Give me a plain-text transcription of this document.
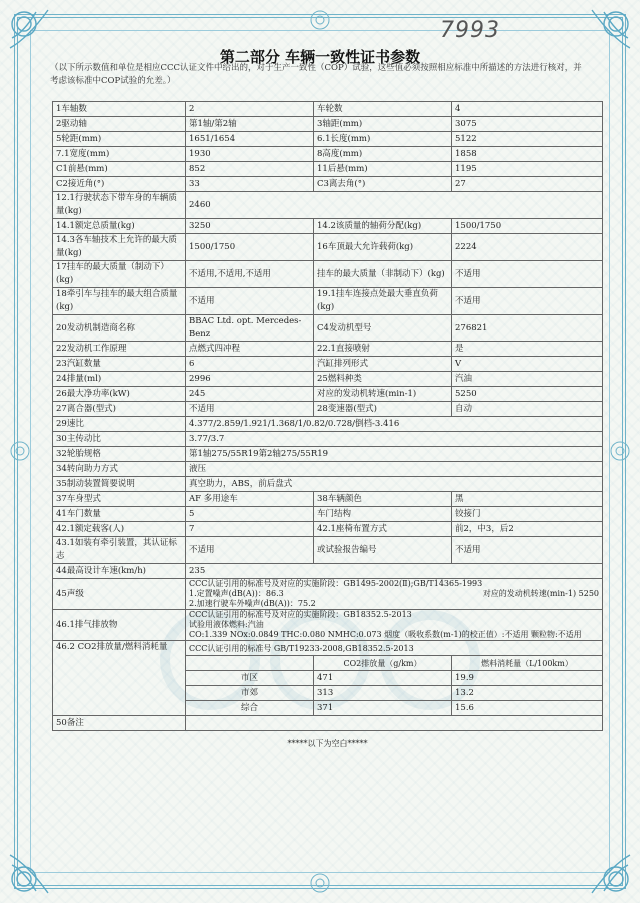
7993
第二部分 车辆一致性证书参数
（以下所示数值和单位是相应CCC认证文件中给出的，对于生产一致性（COP）试验，这些值必须按照相应标准中所描述的方法进行核对，并考虑该标准中COP试验的允差。）
1车轴数	2	车轮数	4
2驱动轴	第1轴/第2轴	3轴距(mm)	3075
5轮距(mm)	1651/1654	6.1长度(mm)	5122
7.1宽度(mm)	1930	8高度(mm)	1858
C1前悬(mm)	852	11后悬(mm)	1195
C2接近角(°)	33	C3离去角(°)	27
12.1行驶状态下带车身的车辆质量(kg)	2460		
14.1额定总质量(kg)	3250	14.2该质量的轴荷分配(kg)	1500/1750
14.3各车轴技术上允许的最大质量(kg)	1500/1750	16车顶最大允许载荷(kg)	2224
17挂车的最大质量（制动下）(kg)	不适用,不适用,不适用	挂车的最大质量（非制动下）(kg)	不适用
18牵引车与挂车的最大组合质量(kg)	不适用	19.1挂车连接点处最大垂直负荷(kg)	不适用
20发动机制造商名称	BBAC Ltd. opt. Mercedes-Benz	C4发动机型号	276821
22发动机工作原理	点燃式四冲程	22.1直接喷射	是
23汽缸数量	6	汽缸排列形式	V
24排量(ml)	2996	25燃料种类	汽油
26最大净功率(kW)	245	对应的发动机转速(min-1)	5250
27离合器(型式)	不适用	28变速器(型式)	自动
29速比	4.377/2.859/1.921/1.368/1/0.82/0.728/倒档-3.416		
30主传动比	3.77/3.7		
32轮胎规格	第1轴275/55R19第2轴275/55R19		
34转向助力方式	液压		
35制动装置简要说明	真空助力，ABS，前后盘式		
37车身型式	AF 多用途车	38车辆颜色	黑
41车门数量	5	车门结构	铰接门
42.1额定载客(人)	7	42.1座椅布置方式	前2，中3，后2
43.1如装有牵引装置，其认证标志	不适用	或试验报告编号	不适用
44最高设计车速(km/h)	235		
45声级	CCC认证引用的标准号及对应的实施阶段：GB1495-2002(Ⅱ);GB/T14365-1993
1.定置噪声(dB(A))：86.3 对应的发动机转速(min-1) 5250
2.加速行驶车外噪声(dB(A))：75.2		

46.1排气排放物	CCC认证引用的标准号及对应的实施阶段：GB18352.5-2013
试验用液体燃料:汽油
CO:1.339 NOx:0.0849 THC:0.080 NMHC:0.073 烟度（吸收系数(m-1)的校正值）:不适用 颗粒物:不适用		

46.2 CO2排放量/燃料消耗量	CCC认证引用的标准号 GB/T19233-2008,GB18352.5-2013		
		CO2排放量（g/km）	燃料消耗量（L/100km）
	市区	471	19.9
	市郊	313	13.2
	综合	371	15.6
50备注			
*****以下为空白*****			
